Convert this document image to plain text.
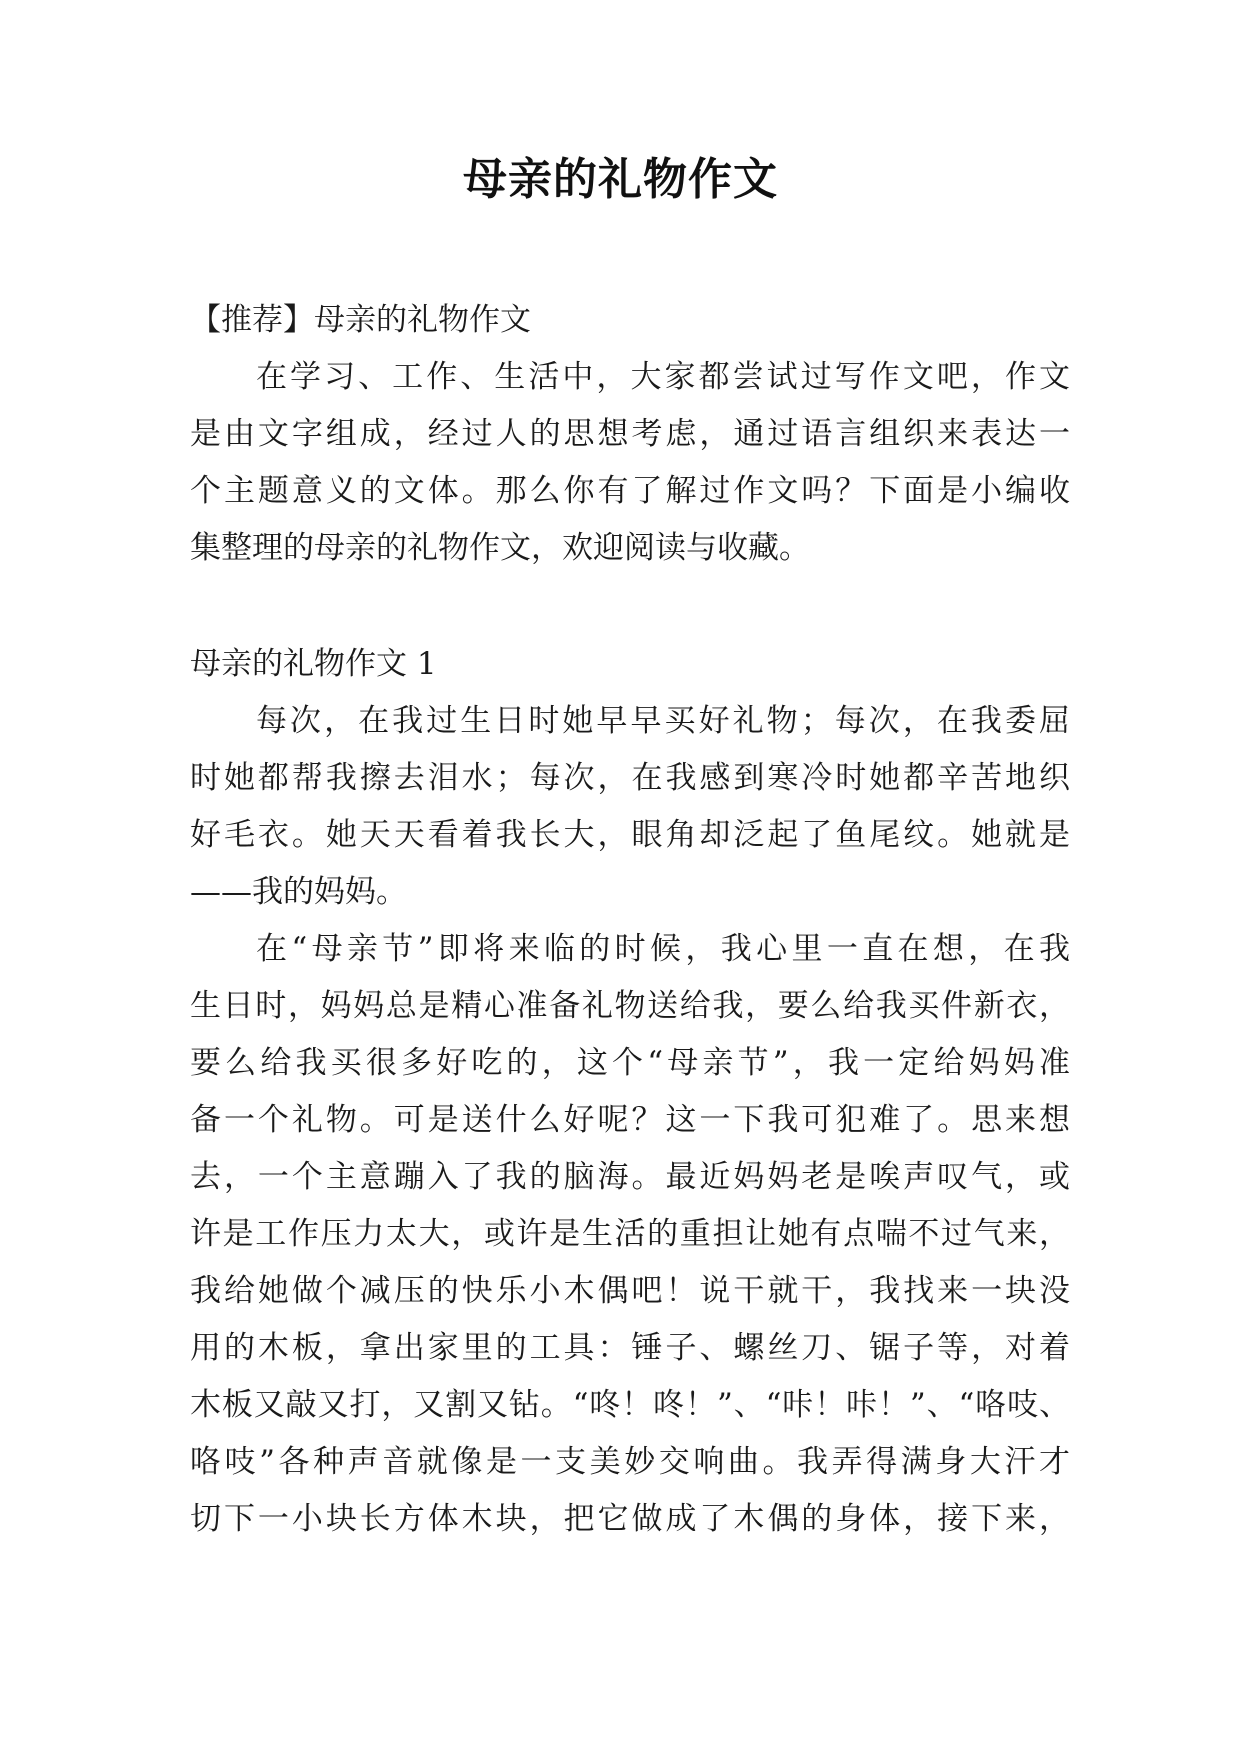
母亲的礼物作文
【推荐】母亲的礼物作文
在学习、工作、生活中，大家都尝试过写作文吧，作文
是由文字组成，经过人的思想考虑，通过语言组织来表达一
个主题意义的文体。那么你有了解过作文吗？下面是小编收
集整理的母亲的礼物作文，欢迎阅读与收藏。
母亲的礼物作文 1
每次，在我过生日时她早早买好礼物；每次，在我委屈
时她都帮我擦去泪水；每次，在我感到寒冷时她都辛苦地织
好毛衣。她天天看着我长大，眼角却泛起了鱼尾纹。她就是
——我的妈妈。
在“母亲节”即将来临的时候，我心里一直在想，在我
生日时，妈妈总是精心准备礼物送给我，要么给我买件新衣，
要么给我买很多好吃的，这个“母亲节”，我一定给妈妈准
备一个礼物。可是送什么好呢？这一下我可犯难了。思来想
去，一个主意蹦入了我的脑海。最近妈妈老是唉声叹气，或
许是工作压力太大，或许是生活的重担让她有点喘不过气来，
我给她做个减压的快乐小木偶吧！说干就干，我找来一块没
用的木板，拿出家里的工具：锤子、螺丝刀、锯子等，对着
木板又敲又打，又割又钻。“咚！咚！”、“咔！咔！”、“咯吱、
咯吱”各种声音就像是一支美妙交响曲。我弄得满身大汗才
切下一小块长方体木块，把它做成了木偶的身体，接下来，
